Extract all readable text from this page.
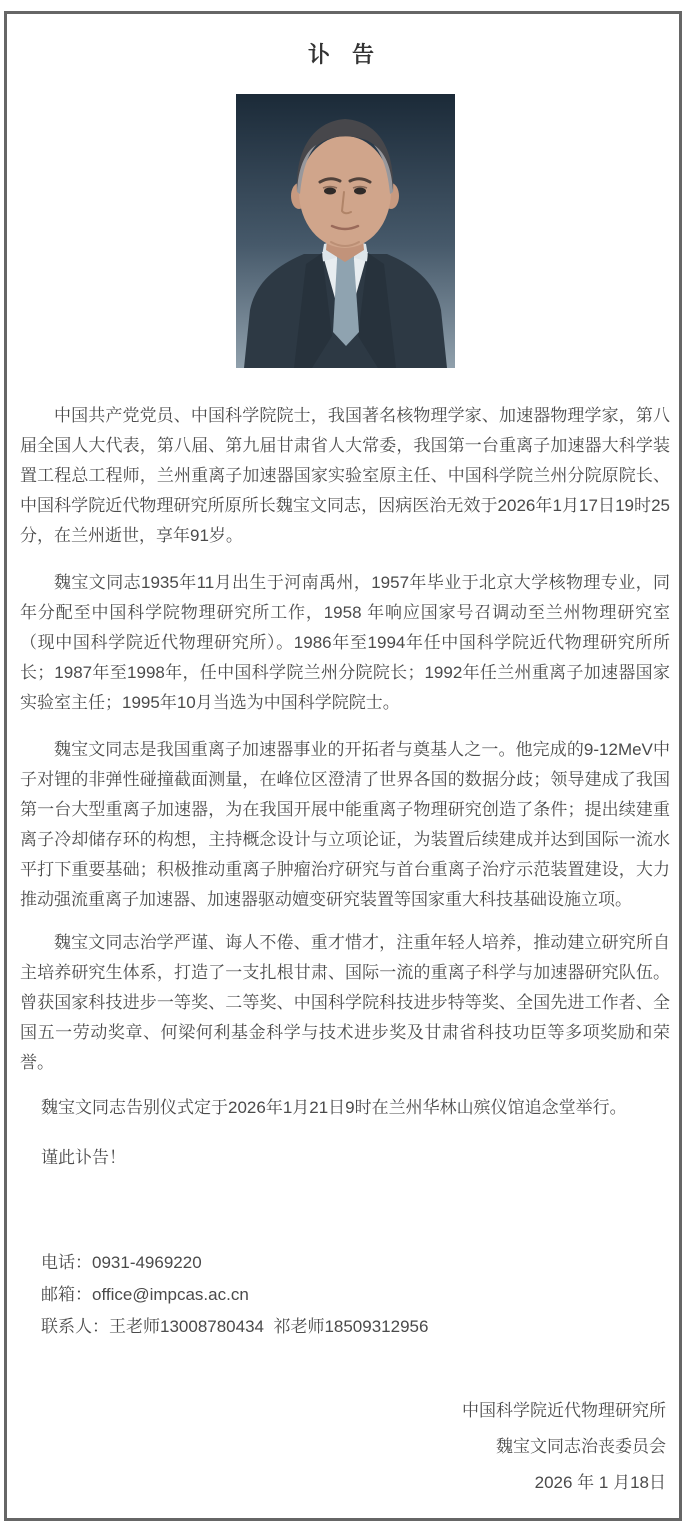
讣 告

中国共产党党员、中国科学院院士，我国著名核物理学家、加速器物理学家，第八届全国人大代表，第八届、第九届甘肃省人大常委，我国第一台重离子加速器大科学装置工程总工程师，兰州重离子加速器国家实验室原主任、中国科学院兰州分院原院长、中国科学院近代物理研究所原所长魏宝文同志，因病医治无效于2026年1月17日19时25分，在兰州逝世，享年91岁。

魏宝文同志1935年11月出生于河南禹州，1957年毕业于北京大学核物理专业，同年分配至中国科学院物理研究所工作，1958 年响应国家号召调动至兰州物理研究室（现中国科学院近代物理研究所）。1986年至1994年任中国科学院近代物理研究所所长；1987年至1998年，任中国科学院兰州分院院长；1992年任兰州重离子加速器国家实验室主任；1995年10月当选为中国科学院院士。

魏宝文同志是我国重离子加速器事业的开拓者与奠基人之一。他完成的9-12MeV中子对锂的非弹性碰撞截面测量，在峰位区澄清了世界各国的数据分歧；领导建成了我国第一台大型重离子加速器，为在我国开展中能重离子物理研究创造了条件；提出续建重离子冷却储存环的构想，主持概念设计与立项论证，为装置后续建成并达到国际一流水平打下重要基础；积极推动重离子肿瘤治疗研究与首台重离子治疗示范装置建设，大力推动强流重离子加速器、加速器驱动嬗变研究装置等国家重大科技基础设施立项。

魏宝文同志治学严谨、诲人不倦、重才惜才，注重年轻人培养，推动建立研究所自主培养研究生体系，打造了一支扎根甘肃、国际一流的重离子科学与加速器研究队伍。曾获国家科技进步一等奖、二等奖、中国科学院科技进步特等奖、全国先进工作者、全国五一劳动奖章、何梁何利基金科学与技术进步奖及甘肃省科技功臣等多项奖励和荣誉。

魏宝文同志告别仪式定于2026年1月21日9时在兰州华林山殡仪馆追念堂举行。

谨此讣告！

电话：0931-4969220
邮箱：office@impcas.ac.cn
联系人：王老师13008780434  祁老师18509312956
中国科学院近代物理研究所
魏宝文同志治丧委员会
2026 年 1 月18日
